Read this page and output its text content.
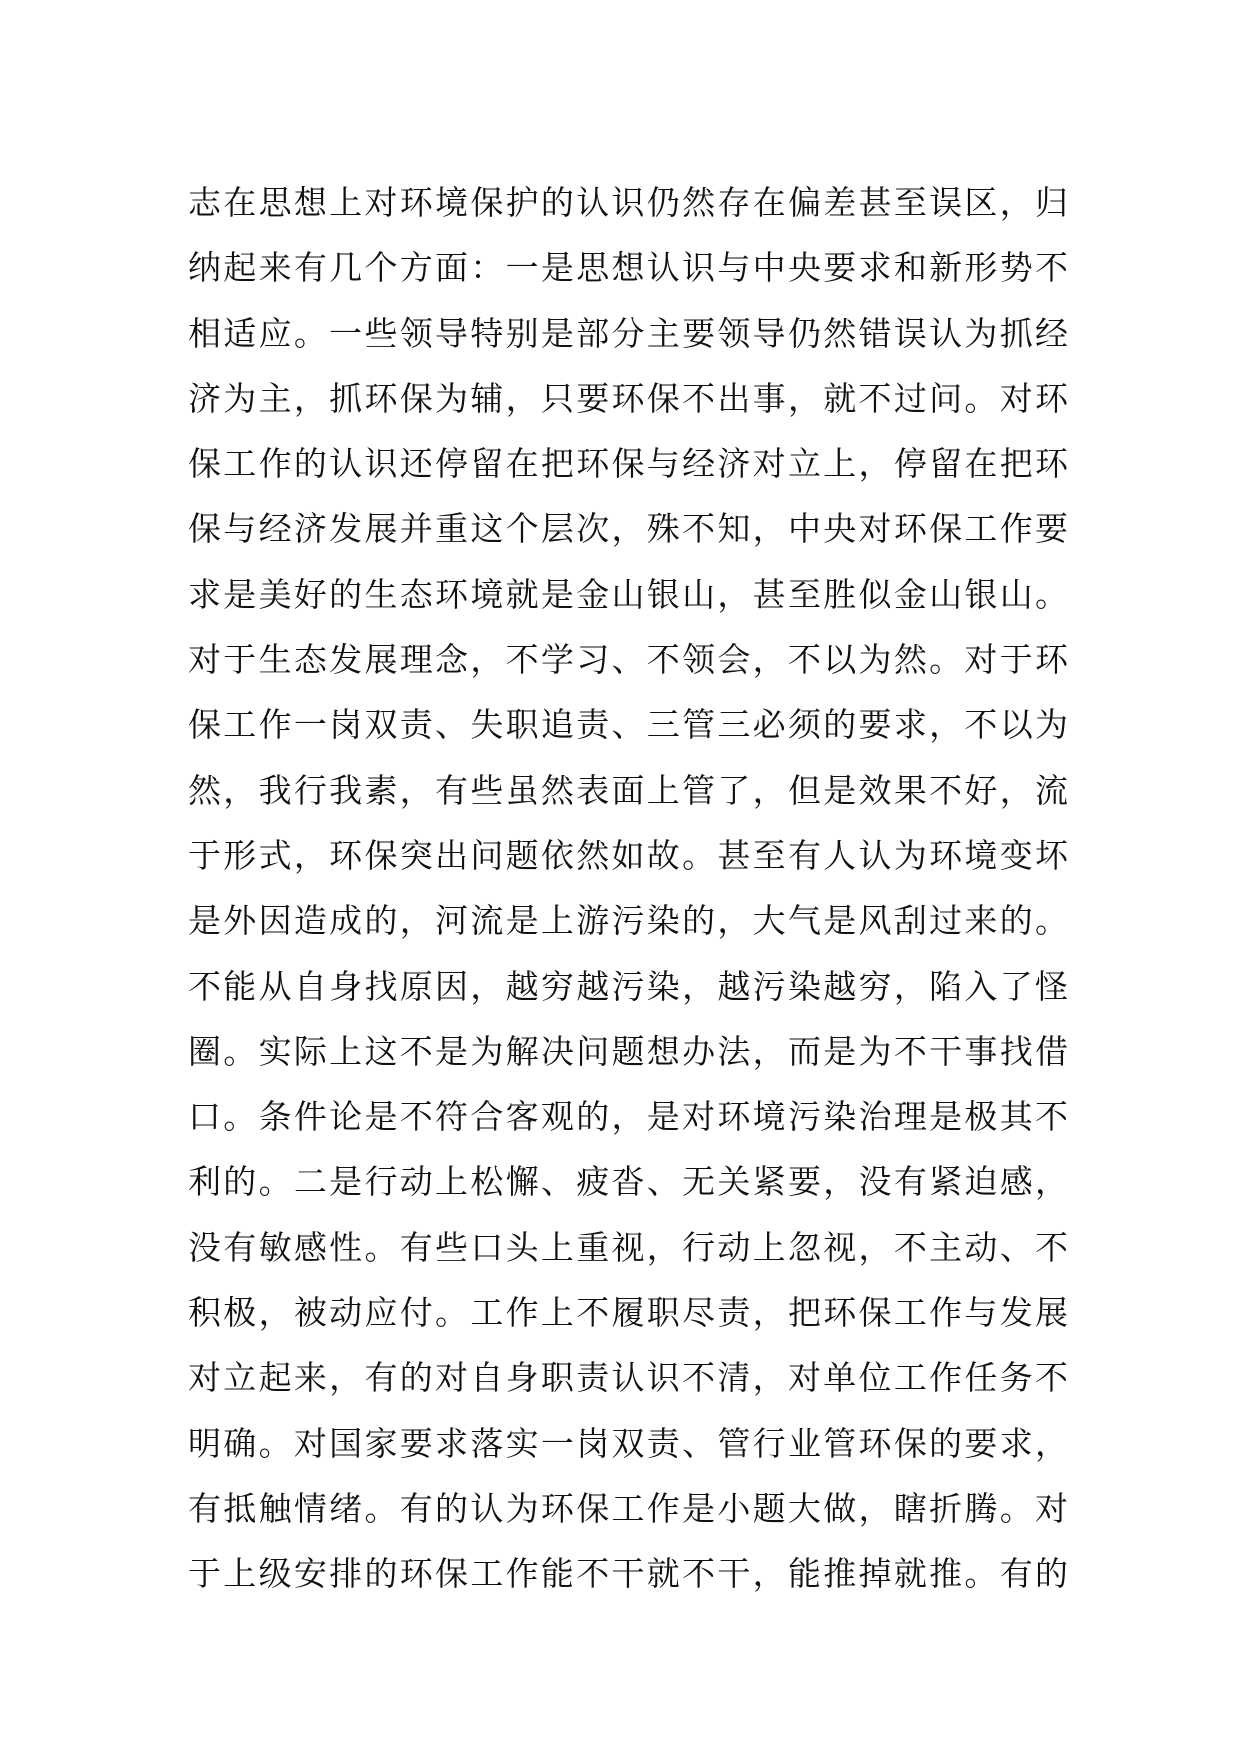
志在思想上对环境保护的认识仍然存在偏差甚至误区，归
纳起来有几个方面：一是思想认识与中央要求和新形势不
相适应。一些领导特别是部分主要领导仍然错误认为抓经
济为主，抓环保为辅，只要环保不出事，就不过问。对环
保工作的认识还停留在把环保与经济对立上，停留在把环
保与经济发展并重这个层次，殊不知，中央对环保工作要
求是美好的生态环境就是金山银山，甚至胜似金山银山。
对于生态发展理念，不学习、不领会，不以为然。对于环
保工作一岗双责、失职追责、三管三必须的要求，不以为
然，我行我素，有些虽然表面上管了，但是效果不好，流
于形式，环保突出问题依然如故。甚至有人认为环境变坏
是外因造成的，河流是上游污染的，大气是风刮过来的。
不能从自身找原因，越穷越污染，越污染越穷，陷入了怪
圈。实际上这不是为解决问题想办法，而是为不干事找借
口。条件论是不符合客观的，是对环境污染治理是极其不
利的。二是行动上松懈、疲沓、无关紧要，没有紧迫感，
没有敏感性。有些口头上重视，行动上忽视，不主动、不
积极，被动应付。工作上不履职尽责，把环保工作与发展
对立起来，有的对自身职责认识不清，对单位工作任务不
明确。对国家要求落实一岗双责、管行业管环保的要求，
有抵触情绪。有的认为环保工作是小题大做，瞎折腾。对
于上级安排的环保工作能不干就不干，能推掉就推。有的
